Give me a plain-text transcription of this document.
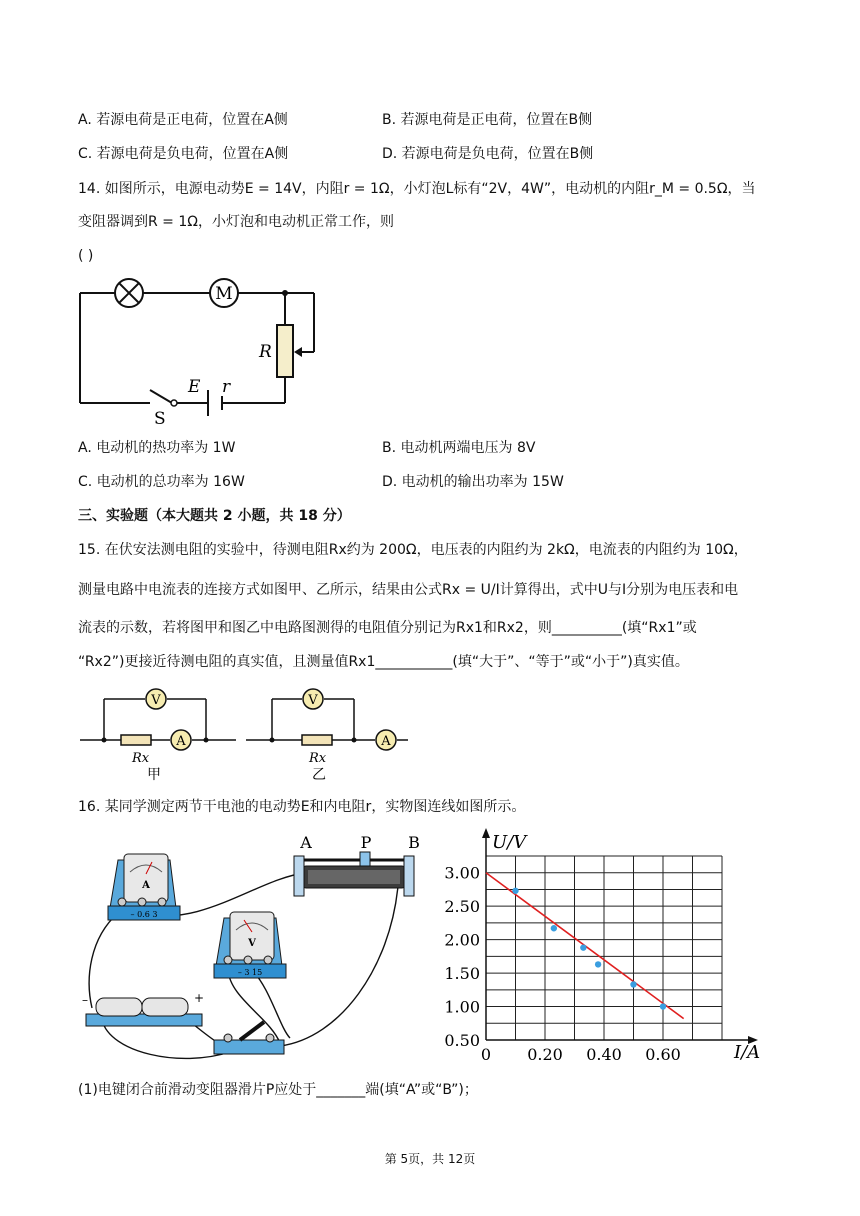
A. 若源电荷是正电荷，位置在A侧	B. 若源电荷是正电荷，位置在B侧
C. 若源电荷是负电荷，位置在A侧	D. 若源电荷是负电荷，位置在B侧
14. 如图所示，电源电动势E = 14V，内阻r = 1Ω，小灯泡L标有“2V，4W”，电动机的内阻r_M = 0.5Ω，当
变阻器调到R = 1Ω，小灯泡和电动机正常工作，则
( )
M
R
E r
S
A. 电动机的热功率为 1W	B. 电动机两端电压为 8V
C. 电动机的总功率为 16W	D. 电动机的输出功率为 15W
三、实验题（本大题共 2 小题，共 18 分）
15. 在伏安法测电阻的实验中，待测电阻Rx约为 200Ω，电压表的内阻约为 2kΩ，电流表的内阻约为 10Ω，
测量电路中电流表的连接方式如图甲、乙所示，结果由公式Rx = U/I计算得出，式中U与I分别为电压表和电
流表的示数，若将图甲和图乙中电路图测得的电阻值分别记为Rx1和Rx2，则__________(填“Rx1”或
“Rx2”)更接近待测电阻的真实值，且测量值Rx1___________(填“大于”、“等于”或“小于”)真实值。
V
A
Rx
甲
V
A
Rx
乙
16. 某同学测定两节干电池的电动势E和内电阻r，实物图连线如图所示。
A
– 0.6 3
V
– 3 15
A	P B
–	+
0 0.20 0.40 0.60
0.50
1.00
1.50
2.00
2.50
3.00
U/V
I/A
(1)电键闭合前滑动变阻器滑片P应处于_______端(填“A”或“B”)；
第 5页，共 12页
